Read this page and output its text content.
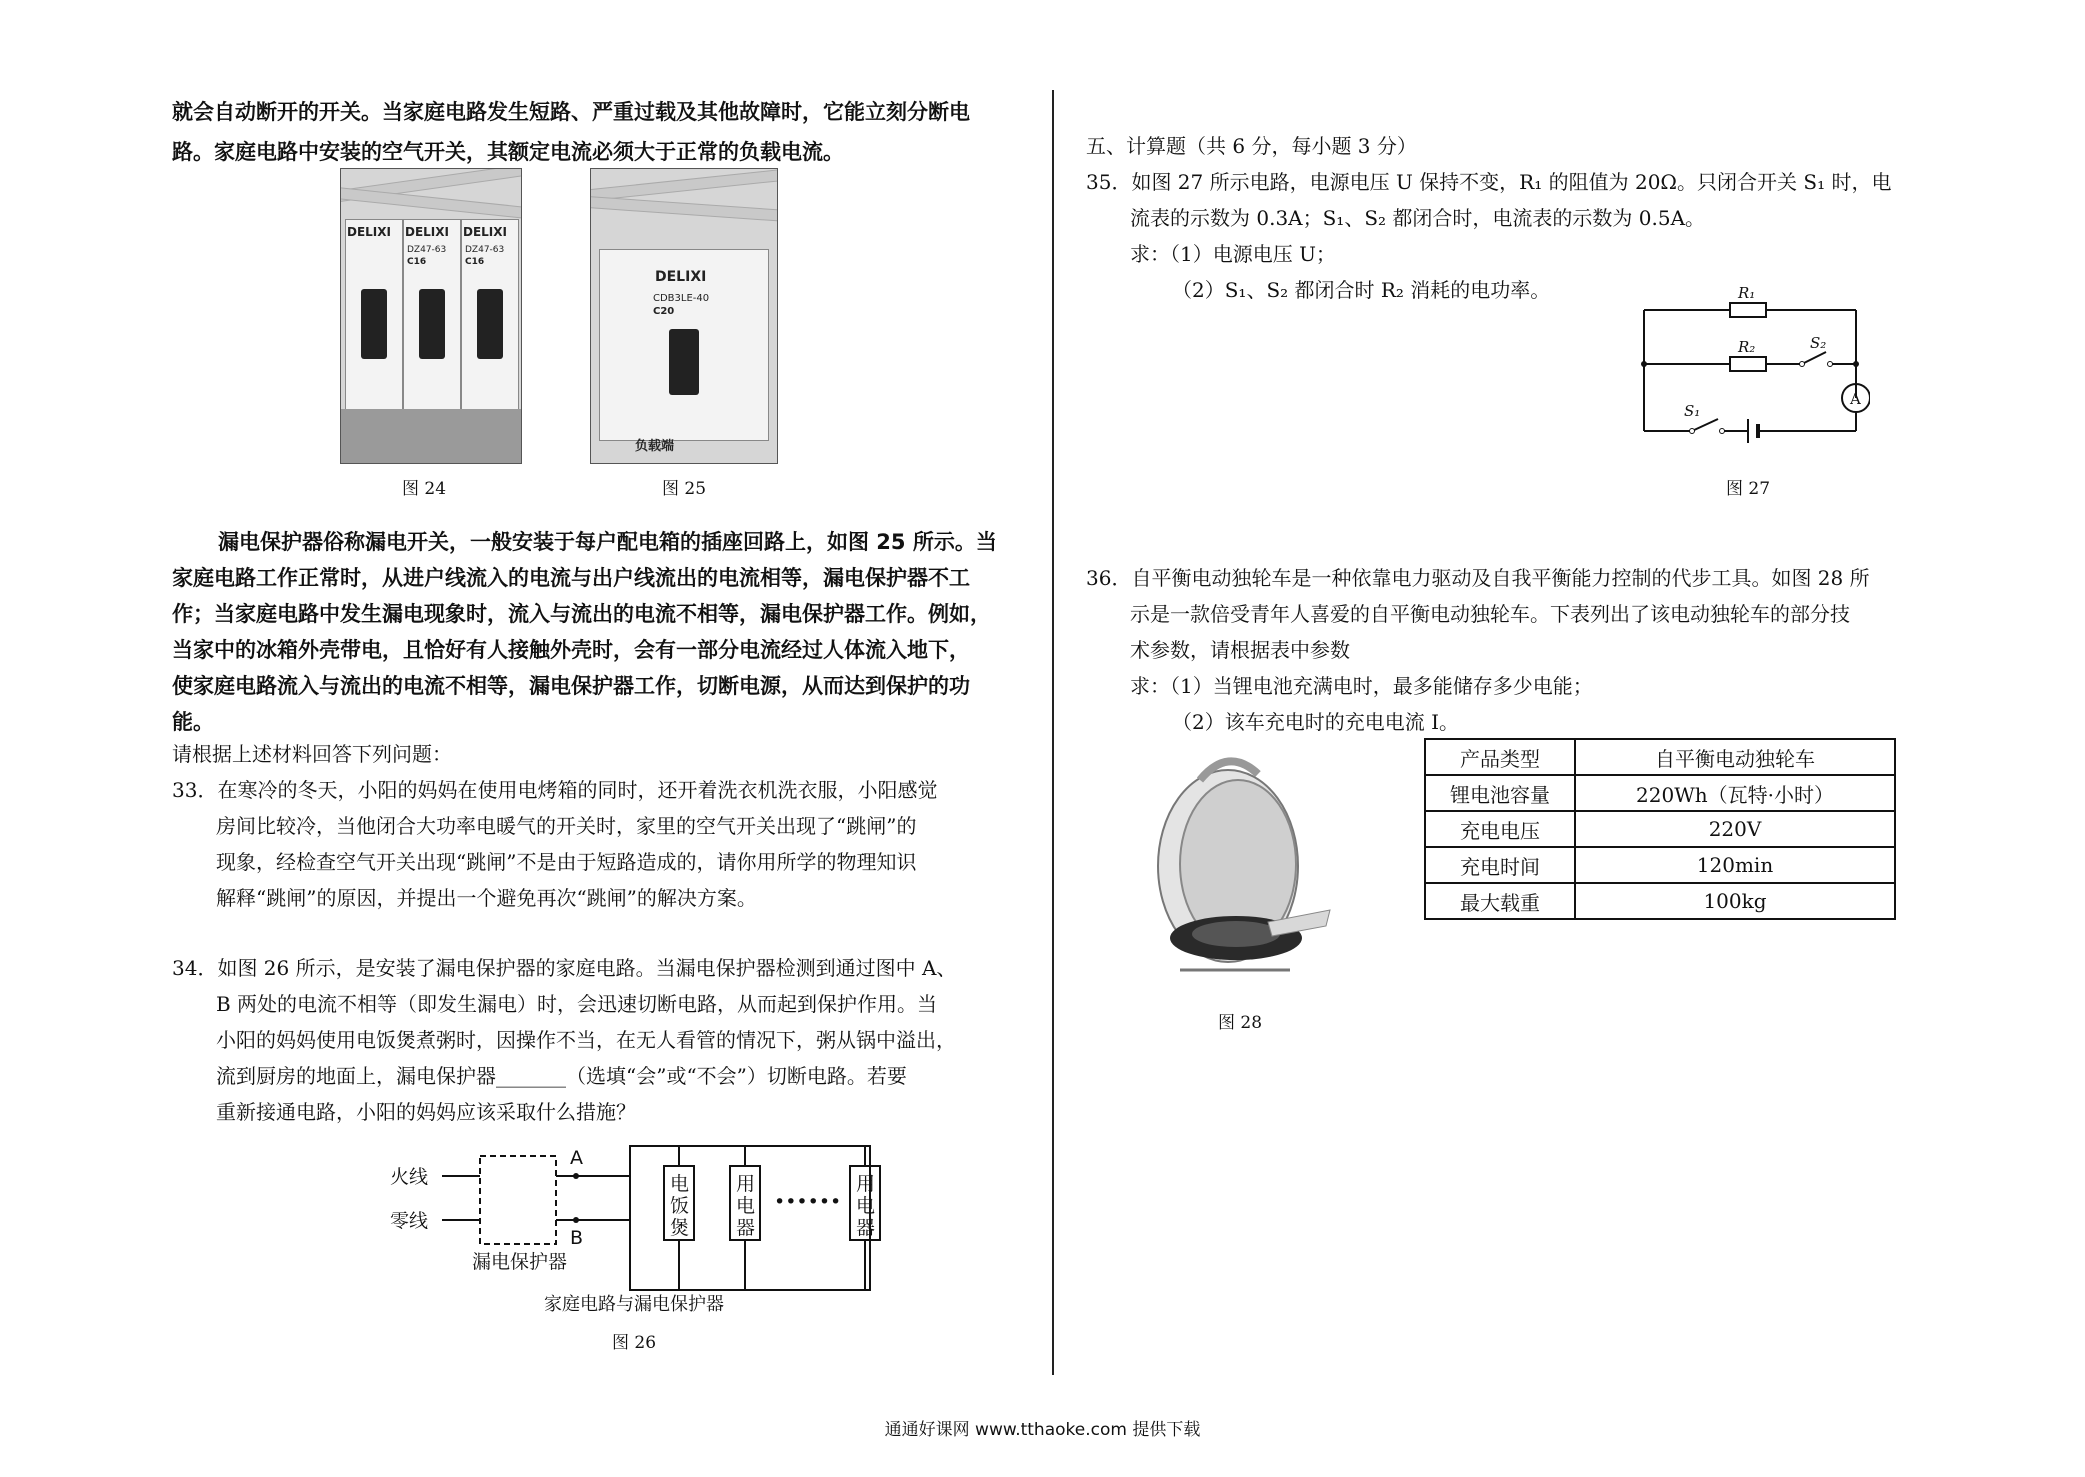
就会自动断开的开关。当家庭电路发生短路、严重过载及其他故障时，它能立刻分断电
路。家庭电路中安装的空气开关，其额定电流必须大于正常的负载电流。
DELIXI DELIXI DELIXI
DZ47-63 DZ47-63
C16	C16
图 24
DELIXI
CDB3LE-40
C20
负载端
图 25
漏电保护器俗称漏电开关，一般安装于每户配电箱的插座回路上，如图 25 所示。当
家庭电路工作正常时，从进户线流入的电流与出户线流出的电流相等，漏电保护器不工
作；当家庭电路中发生漏电现象时，流入与流出的电流不相等，漏电保护器工作。例如，
当家中的冰箱外壳带电，且恰好有人接触外壳时，会有一部分电流经过人体流入地下，
使家庭电路流入与流出的电流不相等，漏电保护器工作，切断电源，从而达到保护的功
能。
请根据上述材料回答下列问题：
33．在寒冷的冬天，小阳的妈妈在使用电烤箱的同时，还开着洗衣机洗衣服，小阳感觉
房间比较冷，当他闭合大功率电暖气的开关时，家里的空气开关出现了“跳闸”的
现象，经检查空气开关出现“跳闸”不是由于短路造成的，请你用所学的物理知识
解释“跳闸”的原因，并提出一个避免再次“跳闸”的解决方案。
34．如图 26 所示，是安装了漏电保护器的家庭电路。当漏电保护器检测到通过图中 A、
B 两处的电流不相等（即发生漏电）时，会迅速切断电路，从而起到保护作用。当
小阳的妈妈使用电饭煲煮粥时，因操作不当，在无人看管的情况下，粥从锅中溢出，
流到厨房的地面上，漏电保护器_______（选填“会”或“不会”）切断电路。若要
重新接通电路，小阳的妈妈应该采取什么措施？
火线
零线
A
B
漏电保护器
电
饭
煲
用
电
器
用
电
器
••••••
家庭电路与漏电保护器
图 26
五、计算题（共 6 分，每小题 3 分）
35．如图 27 所示电路，电源电压 U 保持不变，R₁ 的阻值为 20Ω。只闭合开关 S₁ 时，电
流表的示数为 0.3A；S₁、S₂ 都闭合时，电流表的示数为 0.5A。
求：（1）电源电压 U；
（2）S₁、S₂ 都闭合时 R₂ 消耗的电功率。	R₁
R₂	S₂
S₁
A
图 27
36．自平衡电动独轮车是一种依靠电力驱动及自我平衡能力控制的代步工具。如图 28 所
示是一款倍受青年人喜爱的自平衡电动独轮车。下表列出了该电动独轮车的部分技
术参数，请根据表中参数
求：（1）当锂电池充满电时，最多能储存多少电能；
（2）该车充电时的充电电流 I。
图 28
产品类型	自平衡电动独轮车
锂电池容量	220Wh（瓦特·小时）
充电电压	220V
充电时间	120min
最大载重	100kg
通通好课网 www.tthaoke.com 提供下载
